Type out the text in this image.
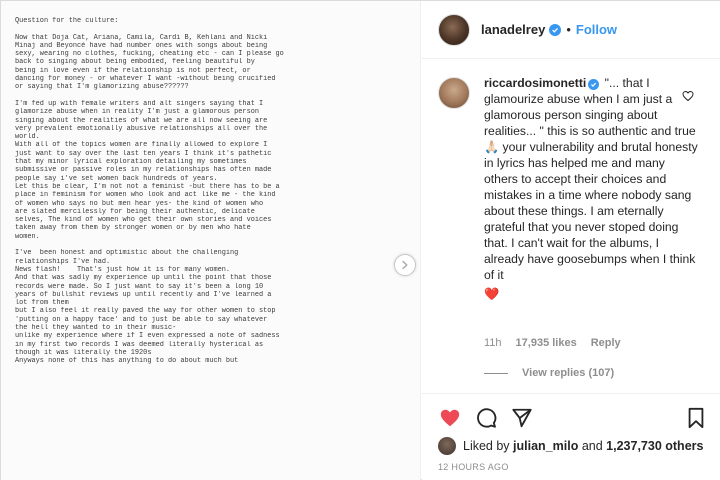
Question for the culture:
Now that Doja Cat, Ariana, Camila, Cardi B, Kehlani and Nicki
Minaj and Beyoncé have had number ones with songs about being
sexy, wearing no clothes, fucking, cheating etc - can I please go
back to singing about being embodied, feeling beautiful by
being in love even if the relationship is not perfect, or
dancing for money - or whatever I want -without being crucified
or saying that I'm glamorizing abuse??????
I'm fed up with female writers and alt singers saying that I
glamorize abuse when in reality I'm just a glamorous person
singing about the realities of what we are all now seeing are
very prevalent emotionally abusive relationships all over the
world.
With all of the topics women are finally allowed to explore I
just want to say over the last ten years I think it's pathetic
that my minor lyrical exploration detailing my sometimes
submissive or passive roles in my relationships has often made
people say i've set women back hundreds of years.
Let this be clear, I'm not not a feminist -but there has to be a
place in feminism for women who look and act like me - the kind
of women who says no but men hear yes- the kind of women who
are slated mercilessly for being their authentic, delicate
selves, The kind of women who get their own stories and voices
taken away from them by stronger women or by men who hate
women.
I've  been honest and optimistic about the challenging
relationships I've had.
News flash!    That's just how it is for many women.
And that was sadly my experience up until the point that those
records were made. So I just want to say it's been a long 10
years of bullshit reviews up until recently and I've learned a
lot from them
but I also feel it really paved the way for other women to stop
'putting on a happy face' and to just be able to say whatever
the hell they wanted to in their music-
unlike my experience where if I even expressed a note of sadness
in my first two records I was deemed literally hysterical as
though it was literally the 1920s
Anyways none of this has anything to do about much but
lanadelrey • Follow
riccardosimonetti "... that I glamourize abuse when I am just a glamorous person singing about realities... " this is so authentic and true 🙏🏻 your vulnerability and brutal honesty in lyrics has helped me and many others to accept their choices and mistakes in a time where nobody sang about these things. I am eternally grateful that you never stoped doing that. I can't wait for the albums, I already have goosebumps when I think of it
❤️
11h 17,935 likes Reply
View replies (107)
Liked by
julian_milo
and
1,237,730 others
12 HOURS AGO
